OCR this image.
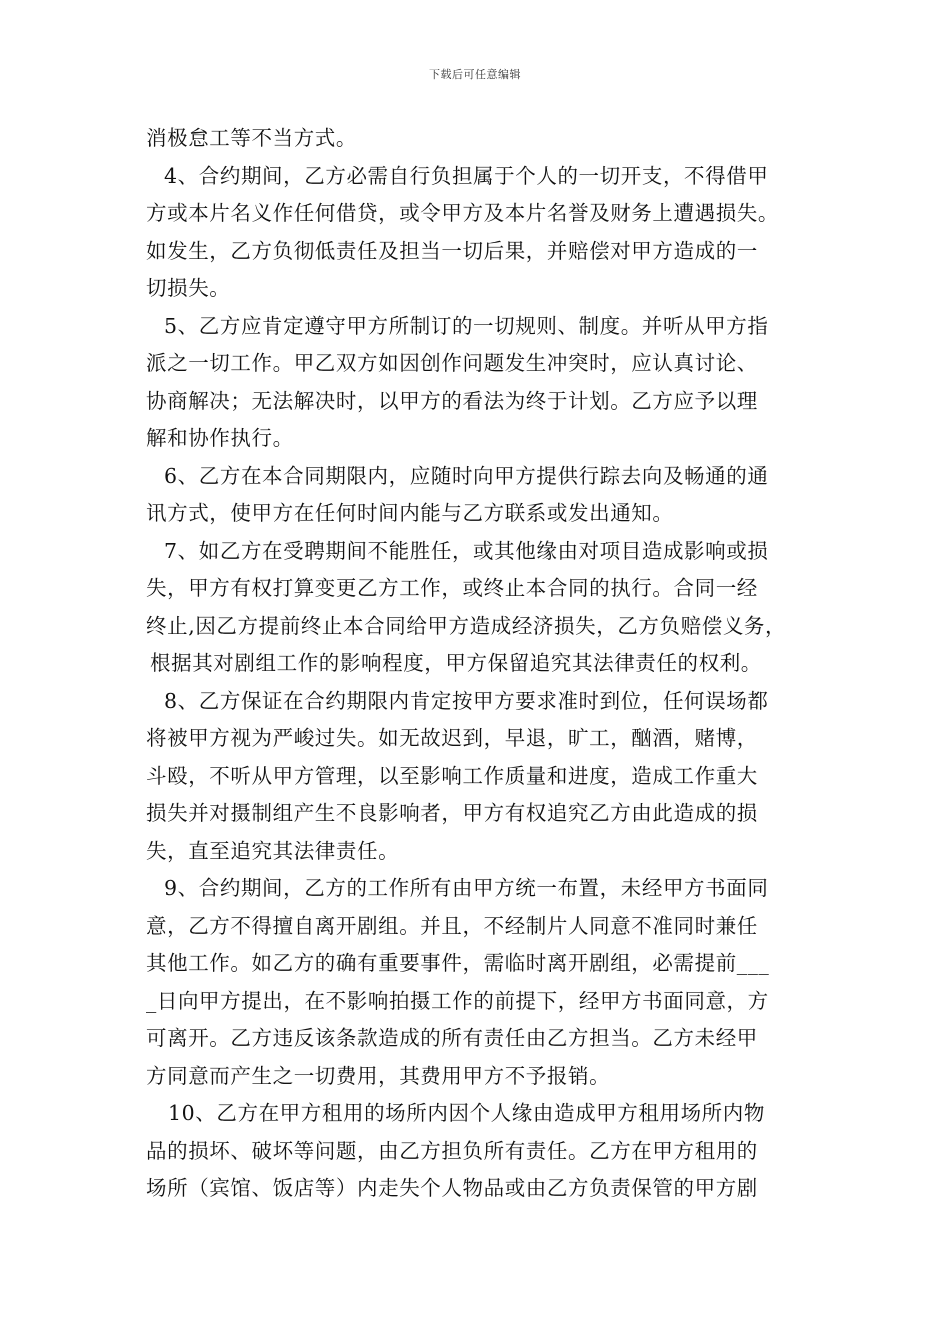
下载后可任意编辑
消极怠工等不当方式。
4、合约期间，乙方必需自行负担属于个人的一切开支，不得借甲
方或本片名义作任何借贷，或令甲方及本片名誉及财务上遭遇损失。
如发生，乙方负彻低责任及担当一切后果，并赔偿对甲方造成的一
切损失。
5、乙方应肯定遵守甲方所制订的一切规则、制度。并听从甲方指
派之一切工作。甲乙双方如因创作问题发生冲突时，应认真讨论、
协商解决；无法解决时，以甲方的看法为终于计划。乙方应予以理
解和协作执行。
6、乙方在本合同期限内，应随时向甲方提供行踪去向及畅通的通
讯方式，使甲方在任何时间内能与乙方联系或发出通知。
7、如乙方在受聘期间不能胜任，或其他缘由对项目造成影响或损
失，甲方有权打算变更乙方工作，或终止本合同的执行。合同一经
终止,因乙方提前终止本合同给甲方造成经济损失，乙方负赔偿义务，
根据其对剧组工作的影响程度，甲方保留追究其法律责任的权利。
8、乙方保证在合约期限内肯定按甲方要求准时到位，任何误场都
将被甲方视为严峻过失。如无故迟到，早退，旷工，酗酒，赌博，
斗殴，不听从甲方管理，以至影响工作质量和进度，造成工作重大
损失并对摄制组产生不良影响者，甲方有权追究乙方由此造成的损
失，直至追究其法律责任。
9、合约期间，乙方的工作所有由甲方统一布置，未经甲方书面同
意，乙方不得擅自离开剧组。并且，不经制片人同意不准同时兼任
其他工作。如乙方的确有重要事件，需临时离开剧组，必需提前___
_日向甲方提出，在不影响拍摄工作的前提下，经甲方书面同意，方
可离开。乙方违反该条款造成的所有责任由乙方担当。乙方未经甲
方同意而产生之一切费用，其费用甲方不予报销。
10、乙方在甲方租用的场所内因个人缘由造成甲方租用场所内物
品的损坏、破坏等问题，由乙方担负所有责任。乙方在甲方租用的
场所（宾馆、饭店等）内走失个人物品或由乙方负责保管的甲方剧
